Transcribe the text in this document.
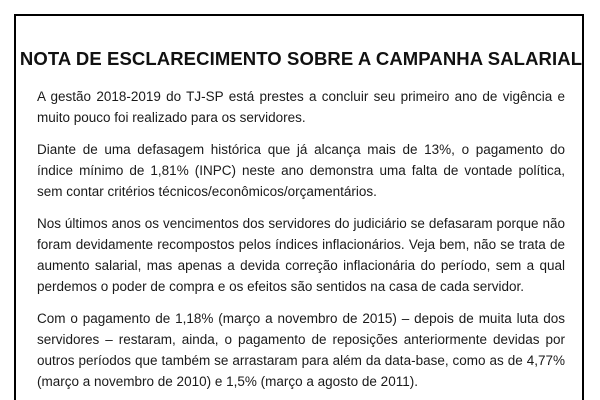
NOTA DE ESCLARECIMENTO SOBRE A CAMPANHA SALARIAL

A gestão 2018-2019 do TJ-SP está prestes a concluir seu primeiro ano de vigência e muito pouco foi realizado para os servidores.

Diante de uma defasagem histórica que já alcança mais de 13%, o pagamento do índice mínimo de 1,81% (INPC) neste ano demonstra uma falta de vontade política, sem contar critérios técnicos/econômicos/orçamentários.

Nos últimos anos os vencimentos dos servidores do judiciário se defasaram porque não foram devidamente recompostos pelos índices inflacionários. Veja bem, não se trata de aumento salarial, mas apenas a devida correção inflacionária do período, sem a qual perdemos o poder de compra e os efeitos são sentidos na casa de cada servidor.

Com o pagamento de 1,18% (março a novembro de 2015) – depois de muita luta dos servidores – restaram, ainda, o pagamento de reposições anteriormente devidas por outros períodos que também se arrastaram para além da data-base, como as de 4,77% (março a novembro de 2010) e 1,5% (março a agosto de 2011).
